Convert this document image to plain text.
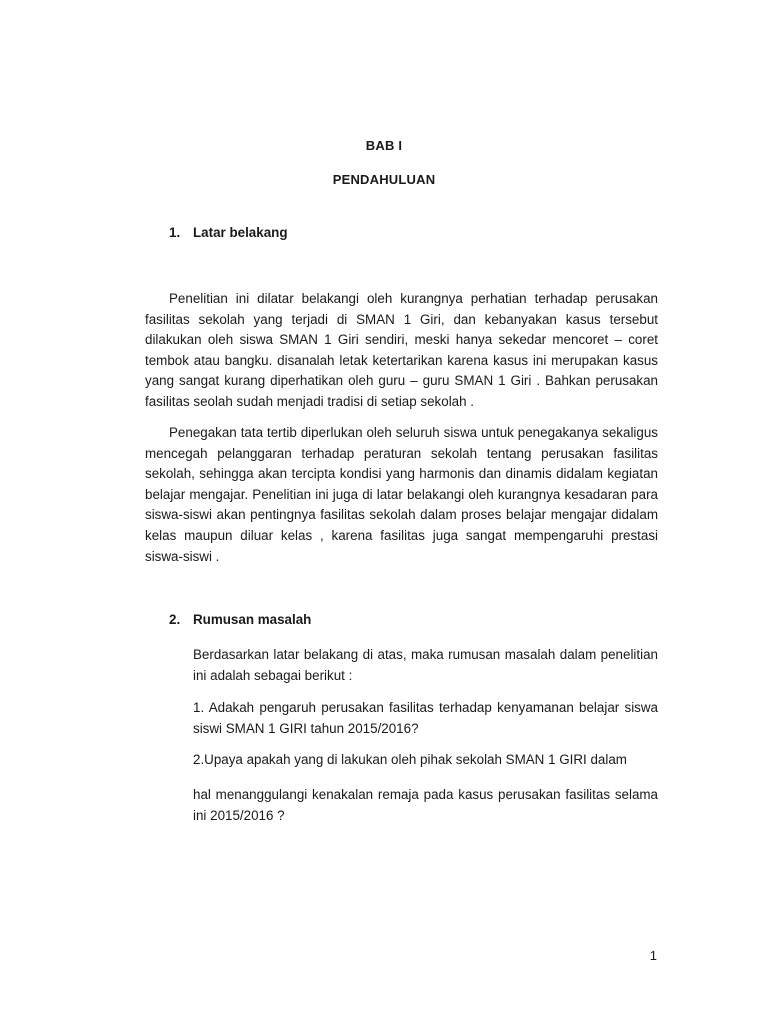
BAB I
PENDAHULUAN
1. Latar belakang

Penelitian ini dilatar belakangi oleh kurangnya perhatian terhadap perusakan fasilitas sekolah yang terjadi di SMAN 1 Giri, dan kebanyakan kasus tersebut dilakukan oleh siswa SMAN 1 Giri sendiri, meski hanya sekedar mencoret – coret tembok atau bangku. disanalah letak ketertarikan karena kasus ini merupakan kasus yang sangat kurang diperhatikan oleh guru – guru SMAN 1 Giri . Bahkan perusakan fasilitas seolah sudah menjadi tradisi di setiap sekolah .

Penegakan tata tertib diperlukan oleh seluruh siswa untuk penegakanya sekaligus mencegah pelanggaran terhadap peraturan sekolah tentang perusakan fasilitas sekolah, sehingga akan tercipta kondisi yang harmonis dan dinamis didalam kegiatan belajar mengajar. Penelitian ini juga di latar belakangi oleh kurangnya kesadaran para siswa-siswi akan pentingnya fasilitas sekolah dalam proses belajar mengajar didalam kelas maupun diluar kelas , karena fasilitas juga sangat mempengaruhi prestasi siswa-siswi .

2. Rumusan masalah

Berdasarkan latar belakang di atas, maka rumusan masalah dalam penelitian ini adalah sebagai berikut :

1. Adakah pengaruh perusakan fasilitas terhadap kenyamanan belajar siswa siswi SMAN 1 GIRI tahun 2015/2016?

2.Upaya apakah yang di lakukan oleh pihak sekolah SMAN 1 GIRI dalam

hal menanggulangi kenakalan remaja pada kasus perusakan fasilitas selama ini 2015/2016 ?

1
